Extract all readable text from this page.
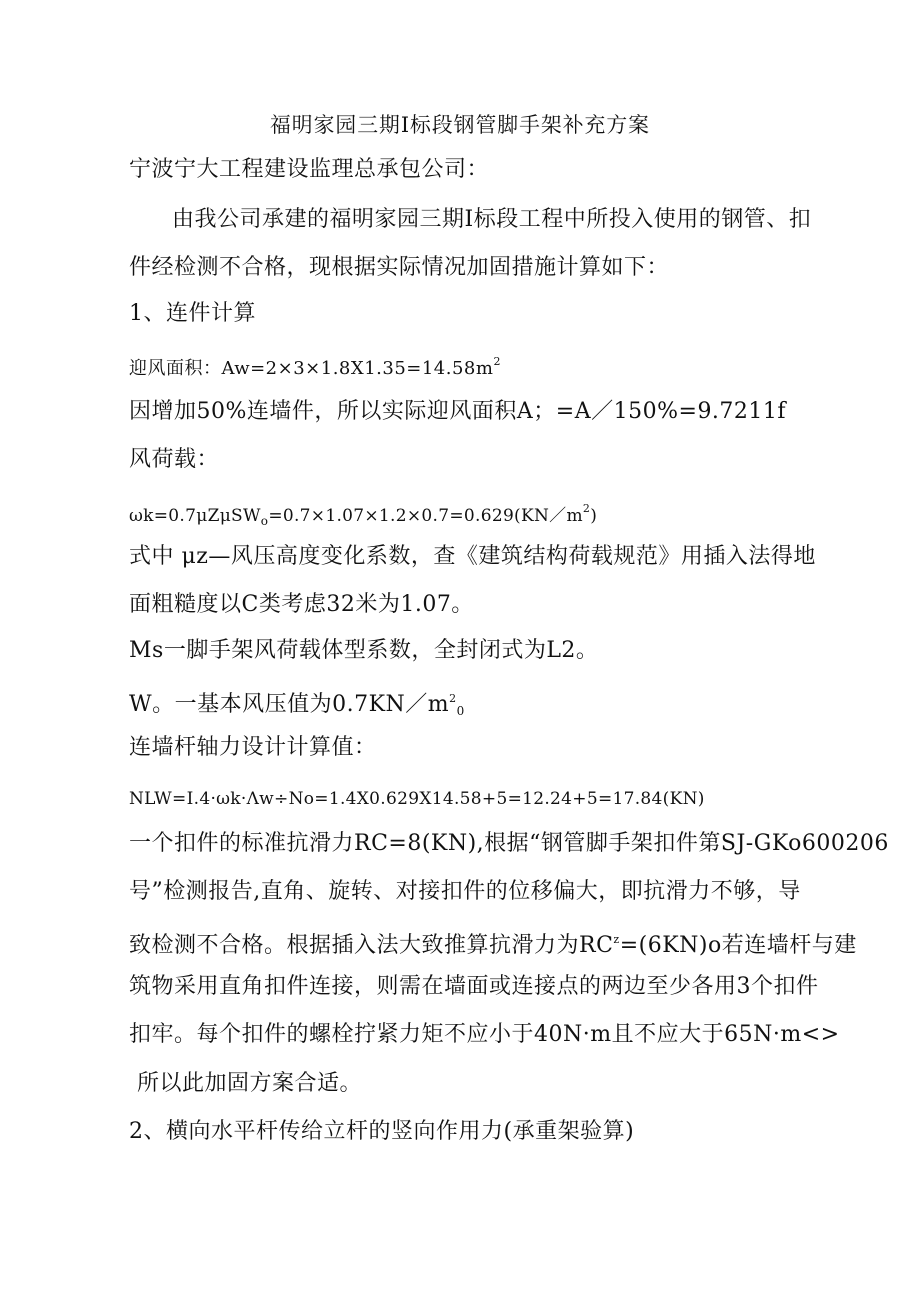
福明家园三期Ⅰ标段钢管脚手架补充方案
宁波宁大工程建设监理总承包公司：
由我公司承建的福明家园三期Ⅰ标段工程中所投入使用的钢管、扣
件经检测不合格，现根据实际情况加固措施计算如下：
1、连件计算
迎风面积：$Aw=2\times 3\times 1.8X1.35=14.58m^2$
因增加50%连墙件，所以实际迎风面积A；=A／150%=9.7211f
风荷载：
$\omega k=0.7\mu Z\mu SW_o=0.7\times 1.07\times 1.2\times 0.7=0.629(KN/m^2)$
式中 μz—风压高度变化系数，查《建筑结构荷载规范》用插入法得地
面粗糙度以C类考虑32米为1.07。
Ms一脚手架风荷载体型系数，全封闭式为L2。
W。一基本风压值为$0.7KN/m^2_0$
连墙杆轴力设计计算值：
NLW=I.4·ωk·Λw÷No=1.4X0.629X14.58+5=12.24+5=17.84(KN)
一个扣件的标准抗滑力RC=8(KN),根据“钢管脚手架扣件第SJ-GKo600206
号”检测报告,直角、旋转、对接扣件的位移偏大，即抗滑力不够，导
致检测不合格。根据插入法大致推算抗滑力为$RC^z=(6KN)o$若连墙杆与建
筑物采用直角扣件连接，则需在墙面或连接点的两边至少各用3个扣件
扣牢。每个扣件的螺栓拧紧力矩不应小于40N·m且不应大于65N·m<>
所以此加固方案合适。
2、横向水平杆传给立杆的竖向作用力(承重架验算)
